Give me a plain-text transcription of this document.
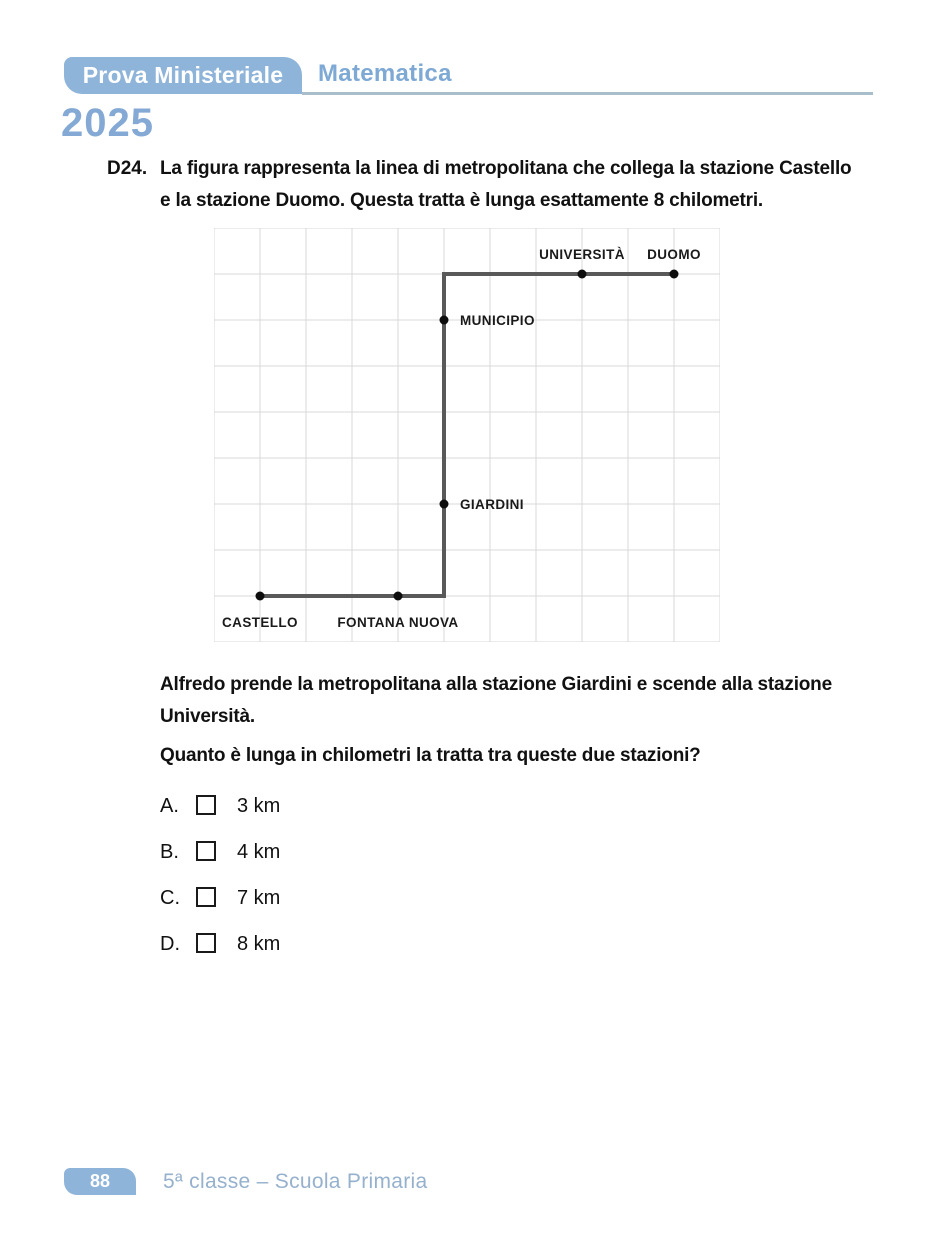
Prova Ministeriale Matematica
2025
D24. La figura rappresenta la linea di metropolitana che collega la stazione Castello
e la stazione Duomo. Questa tratta è lunga esattamente 8 chilometri.
CASTELLO	FONTANA NUOVA
GIARDINI
MUNICIPIO
UNIVERSITÀ DUOMO
Alfredo prende la metropolitana alla stazione Giardini e scende alla stazione
Università.
Quanto è lunga in chilometri la tratta tra queste due stazioni?
A.	3 km
B.	4 km
C.	7 km
D.	8 km
88	5ª classe – Scuola Primaria
